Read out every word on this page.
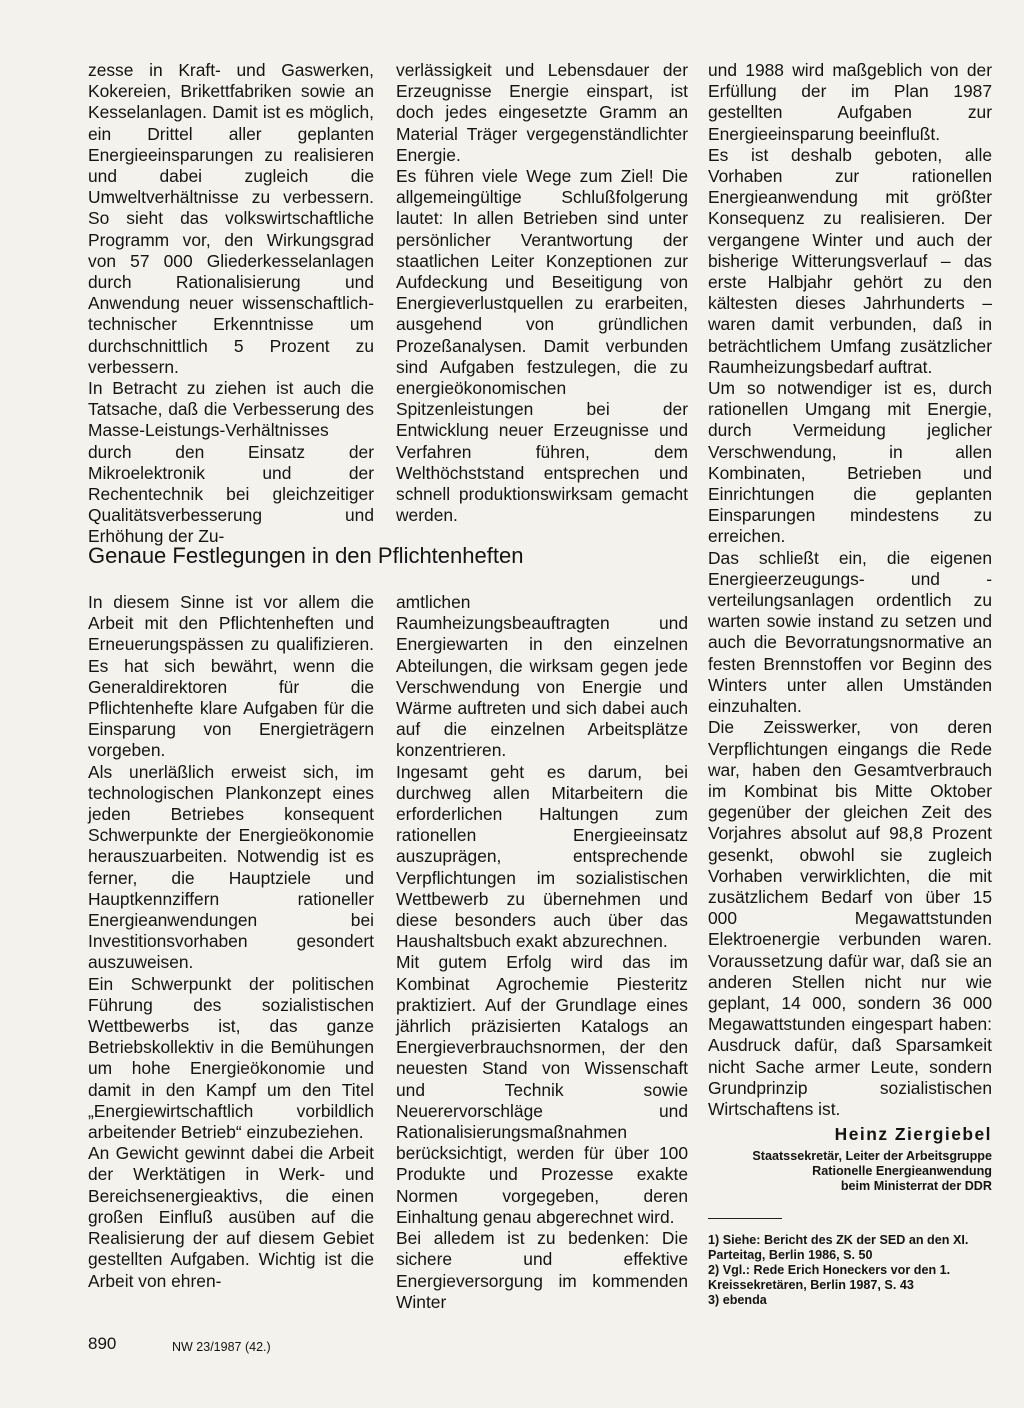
zesse in Kraft- und Gaswerken, Kokereien, Brikettfabriken sowie an Kesselanlagen. Damit ist es möglich, ein Drittel aller geplanten Energieeinsparungen zu realisieren und dabei zugleich die Umweltverhältnisse zu verbessern. So sieht das volkswirtschaftliche Programm vor, den Wirkungsgrad von 57 000 Gliederkesselanlagen durch Rationalisierung und Anwendung neuer wissenschaftlich-technischer Erkenntnisse um durchschnittlich 5 Prozent zu verbessern.

In Betracht zu ziehen ist auch die Tatsache, daß die Verbesserung des Masse-Leistungs-Verhältnisses durch den Einsatz der Mikroelektronik und der Rechentechnik bei gleichzeitiger Qualitätsverbesserung und Erhöhung der Zu-

verlässigkeit und Lebensdauer der Erzeugnisse Energie einspart, ist doch jedes eingesetzte Gramm an Material Träger vergegenständlichter Energie.

Es führen viele Wege zum Ziel! Die allgemeingültige Schlußfolgerung lautet: In allen Betrieben sind unter persönlicher Verantwortung der staatlichen Leiter Konzeptionen zur Aufdeckung und Beseitigung von Energieverlustquellen zu erarbeiten, ausgehend von gründlichen Prozeßanalysen. Damit verbunden sind Aufgaben festzulegen, die zu energieökonomischen Spitzenleistungen bei der Entwicklung neuer Erzeugnisse und Verfahren führen, dem Welthöchststand entsprechen und schnell produktionswirksam gemacht werden.

Genaue Festlegungen in den Pflichtenheften

In diesem Sinne ist vor allem die Arbeit mit den Pflichtenheften und Erneuerungspässen zu qualifizieren. Es hat sich bewährt, wenn die Generaldirektoren für die Pflichtenhefte klare Aufgaben für die Einsparung von Energieträgern vorgeben.

Als unerläßlich erweist sich, im technologischen Plankonzept eines jeden Betriebes konsequent Schwerpunkte der Energieökonomie herauszuarbeiten. Notwendig ist es ferner, die Hauptziele und Hauptkennziffern rationeller Energieanwendungen bei Investitionsvorhaben gesondert auszuweisen.

Ein Schwerpunkt der politischen Führung des sozialistischen Wettbewerbs ist, das ganze Betriebskollektiv in die Bemühungen um hohe Energieökonomie und damit in den Kampf um den Titel „Energiewirtschaftlich vorbildlich arbeitender Betrieb“ einzubeziehen.

An Gewicht gewinnt dabei die Arbeit der Werktätigen in Werk- und Bereichsenergieaktivs, die einen großen Einfluß ausüben auf die Realisierung der auf diesem Gebiet gestellten Aufgaben. Wichtig ist die Arbeit von ehren-

amtlichen Raumheizungsbeauftragten und Energiewarten in den einzelnen Abteilungen, die wirksam gegen jede Verschwendung von Energie und Wärme auftreten und sich dabei auch auf die einzelnen Arbeitsplätze konzentrieren.

Ingesamt geht es darum, bei durchweg allen Mitarbeitern die erforderlichen Haltungen zum rationellen Energieeinsatz auszuprägen, entsprechende Verpflichtungen im sozialistischen Wettbewerb zu übernehmen und diese besonders auch über das Haushaltsbuch exakt abzurechnen.

Mit gutem Erfolg wird das im Kombinat Agrochemie Piesteritz praktiziert. Auf der Grundlage eines jährlich präzisierten Katalogs an Energieverbrauchsnormen, der den neuesten Stand von Wissenschaft und Technik sowie Neuerervorschläge und Rationalisierungsmaßnahmen berücksichtigt, werden für über 100 Produkte und Prozesse exakte Normen vorgegeben, deren Einhaltung genau abgerechnet wird.

Bei alledem ist zu bedenken: Die sichere und effektive Energieversorgung im kommenden Winter

und 1988 wird maßgeblich von der Erfüllung der im Plan 1987 gestellten Aufgaben zur Energieeinsparung beeinflußt.

Es ist deshalb geboten, alle Vorhaben zur rationellen Energieanwendung mit größter Konsequenz zu realisieren. Der vergangene Winter und auch der bisherige Witterungsverlauf – das erste Halbjahr gehört zu den kältesten dieses Jahrhunderts – waren damit verbunden, daß in beträchtlichem Umfang zusätzlicher Raumheizungsbedarf auftrat.

Um so notwendiger ist es, durch rationellen Umgang mit Energie, durch Vermeidung jeglicher Verschwendung, in allen Kombinaten, Betrieben und Einrichtungen die geplanten Einsparungen mindestens zu erreichen.

Das schließt ein, die eigenen Energieerzeugungs- und -verteilungsanlagen ordentlich zu warten sowie instand zu setzen und auch die Bevorratungsnormative an festen Brennstoffen vor Beginn des Winters unter allen Umständen einzuhalten.

Die Zeisswerker, von deren Verpflichtungen eingangs die Rede war, haben den Gesamtverbrauch im Kombinat bis Mitte Oktober gegenüber der gleichen Zeit des Vorjahres absolut auf 98,8 Prozent gesenkt, obwohl sie zugleich Vorhaben verwirklichten, die mit zusätzlichem Bedarf von über 15 000 Megawattstunden Elektroenergie verbunden waren. Voraussetzung dafür war, daß sie an anderen Stellen nicht nur wie geplant, 14 000, sondern 36 000 Megawattstunden eingespart haben: Ausdruck dafür, daß Sparsamkeit nicht Sache armer Leute, sondern Grundprinzip sozialistischen Wirtschaftens ist.

Heinz Ziergiebel

Staatssekretär, Leiter der Arbeitsgruppe
Rationelle Energieanwendung
beim Ministerrat der DDR

1) Siehe: Bericht des ZK der SED an den XI. Parteitag, Berlin 1986, S. 50

2) Vgl.: Rede Erich Honeckers vor den 1. Kreissekretären, Berlin 1987, S. 43

3) ebenda

890	NW 23/1987 (42.)
